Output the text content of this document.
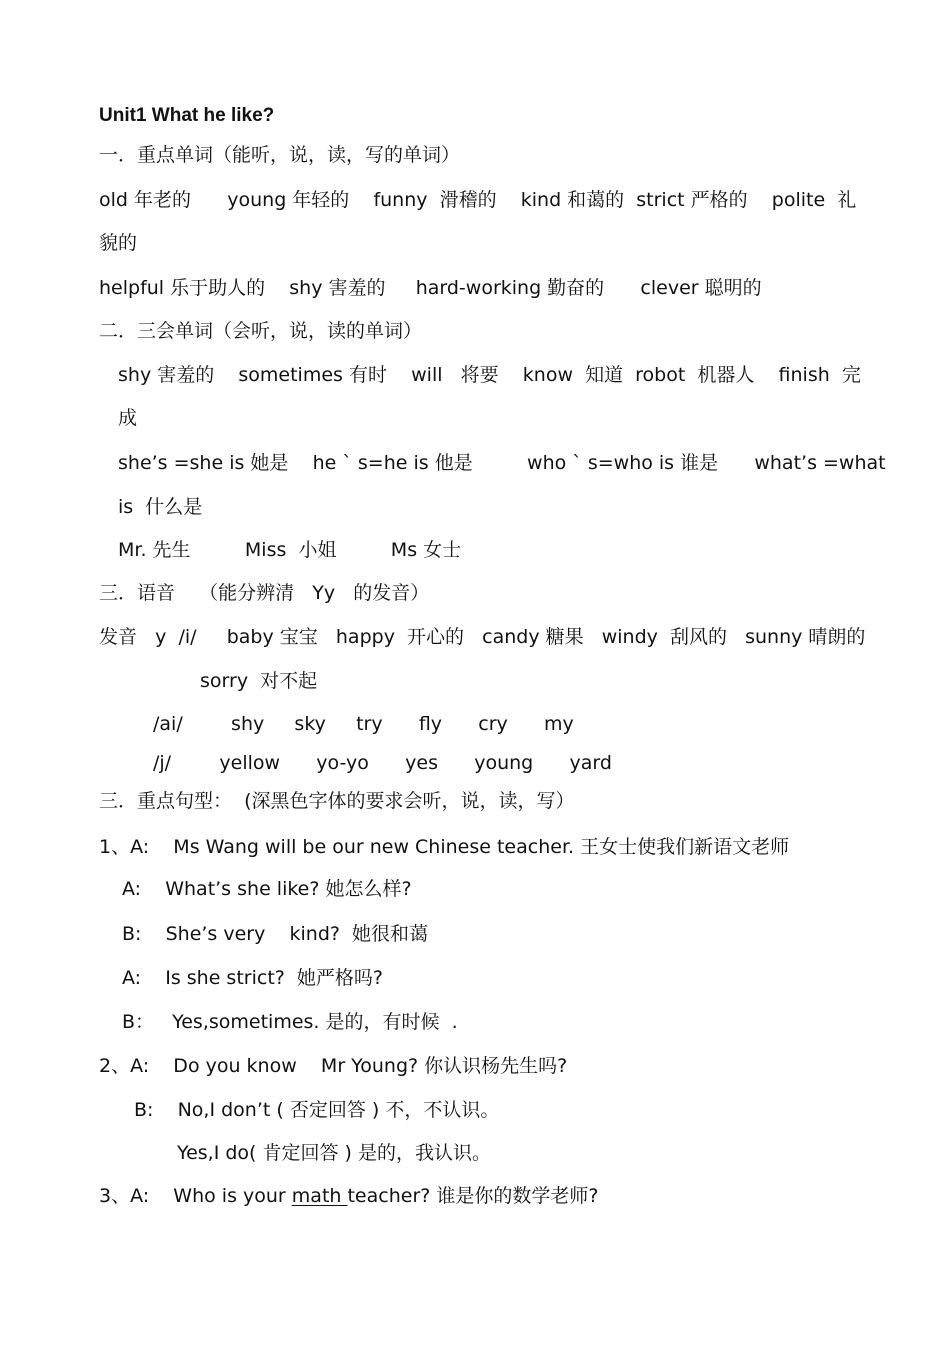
Unit1 What he like?
一．重点单词（能听，说，读，写的单词）
old 年老的      young 年轻的    funny  滑稽的    kind 和蔼的  strict 严格的    polite  礼
貌的
helpful 乐于助人的    shy 害羞的     hard-working 勤奋的      clever 聪明的
二．三会单词（会听，说，读的单词）
shy 害羞的    sometimes 有时    will   将要    know  知道  robot  机器人    finish  完
成
she’s =she is 她是    he ` s=he is 他是         who ` s=who is 谁是      what’s =what
is  什么是
Mr. 先生         Miss  小姐         Ms 女士
三．语音    （能分辨清   Yy   的发音）
发音   y  /i/     baby 宝宝   happy  开心的   candy 糖果   windy  刮风的   sunny 晴朗的
sorry  对不起
/ai/        shy     sky     try      fly      cry      my
/j/        yellow      yo-yo      yes      young      yard
三．重点句型：  (深黑色字体的要求会听，说，读，写）
1、A:    Ms Wang will be our new Chinese teacher. 王女士使我们新语文老师
A:    What’s she like? 她怎么样?
B:    She’s very    kind?  她很和蔼
A:    Is she strict?  她严格吗?
B：   Yes,sometimes. 是的，有时候  .
2、A:    Do you know    Mr Young? 你认识杨先生吗?
B:    No,I don’t ( 否定回答 ) 不，不认识。
Yes,I do( 肯定回答 ) 是的，我认识。
3、A:    Who is your math teacher? 谁是你的数学老师?
